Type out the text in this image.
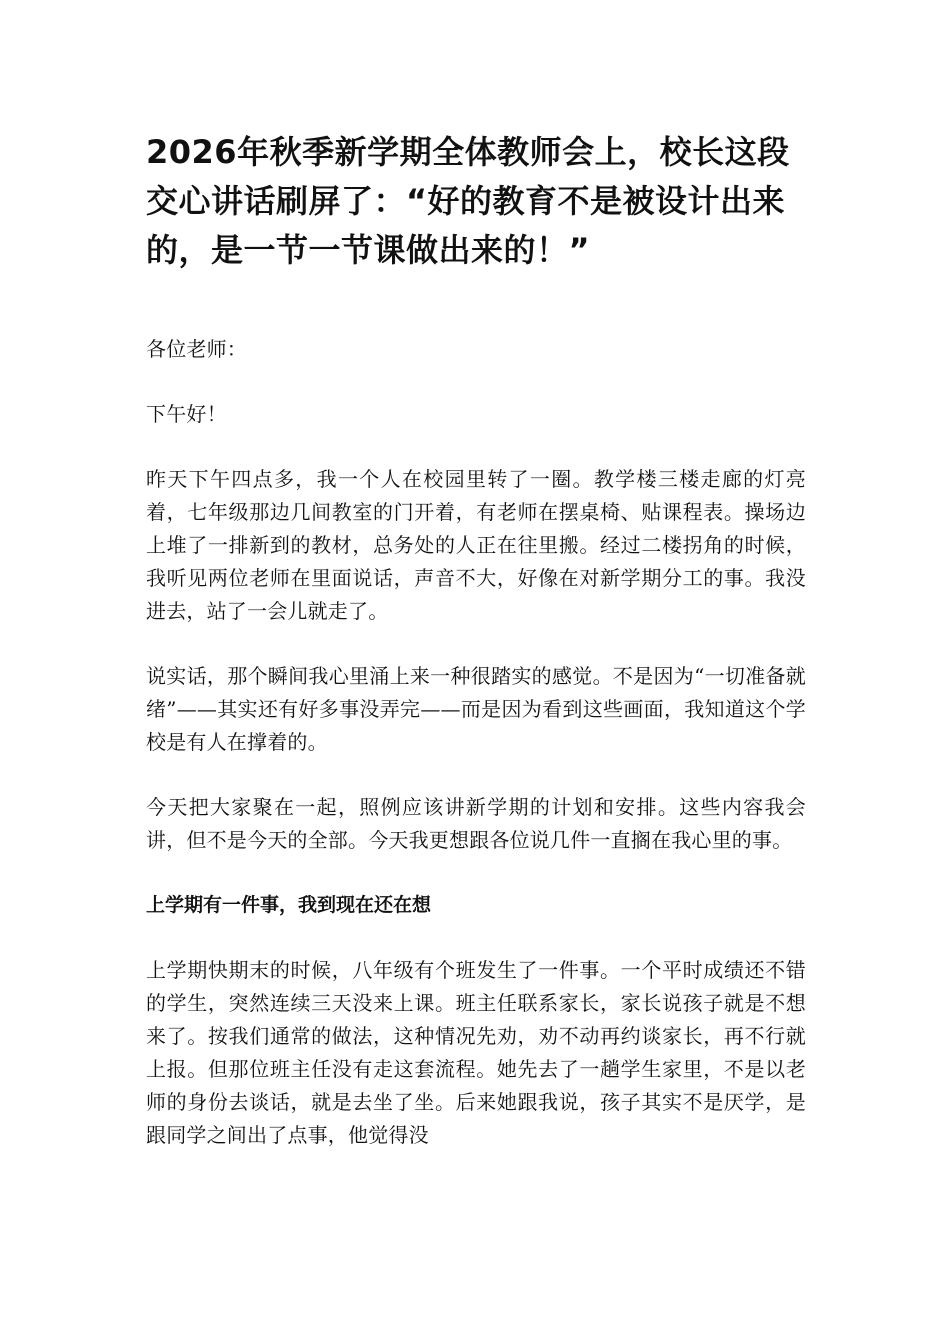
2026年秋季新学期全体教师会上，校长这段交心讲话刷屏了：“好的教育不是被设计出来的，是一节一节课做出来的！”

各位老师：

下午好！

昨天下午四点多，我一个人在校园里转了一圈。教学楼三楼走廊的灯亮着，七年级那边几间教室的门开着，有老师在摆桌椅、贴课程表。操场边上堆了一排新到的教材，总务处的人正在往里搬。经过二楼拐角的时候，我听见两位老师在里面说话，声音不大，好像在对新学期分工的事。我没进去，站了一会儿就走了。

说实话，那个瞬间我心里涌上来一种很踏实的感觉。不是因为“一切准备就绪”——其实还有好多事没弄完——而是因为看到这些画面，我知道这个学校是有人在撑着的。

今天把大家聚在一起，照例应该讲新学期的计划和安排。这些内容我会讲，但不是今天的全部。今天我更想跟各位说几件一直搁在我心里的事。

上学期有一件事，我到现在还在想

上学期快期末的时候，八年级有个班发生了一件事。一个平时成绩还不错的学生，突然连续三天没来上课。班主任联系家长，家长说孩子就是不想来了。按我们通常的做法，这种情况先劝，劝不动再约谈家长，再不行就上报。但那位班主任没有走这套流程。她先去了一趟学生家里，不是以老师的身份去谈话，就是去坐了坐。后来她跟我说，孩子其实不是厌学，是跟同学之间出了点事，他觉得没
